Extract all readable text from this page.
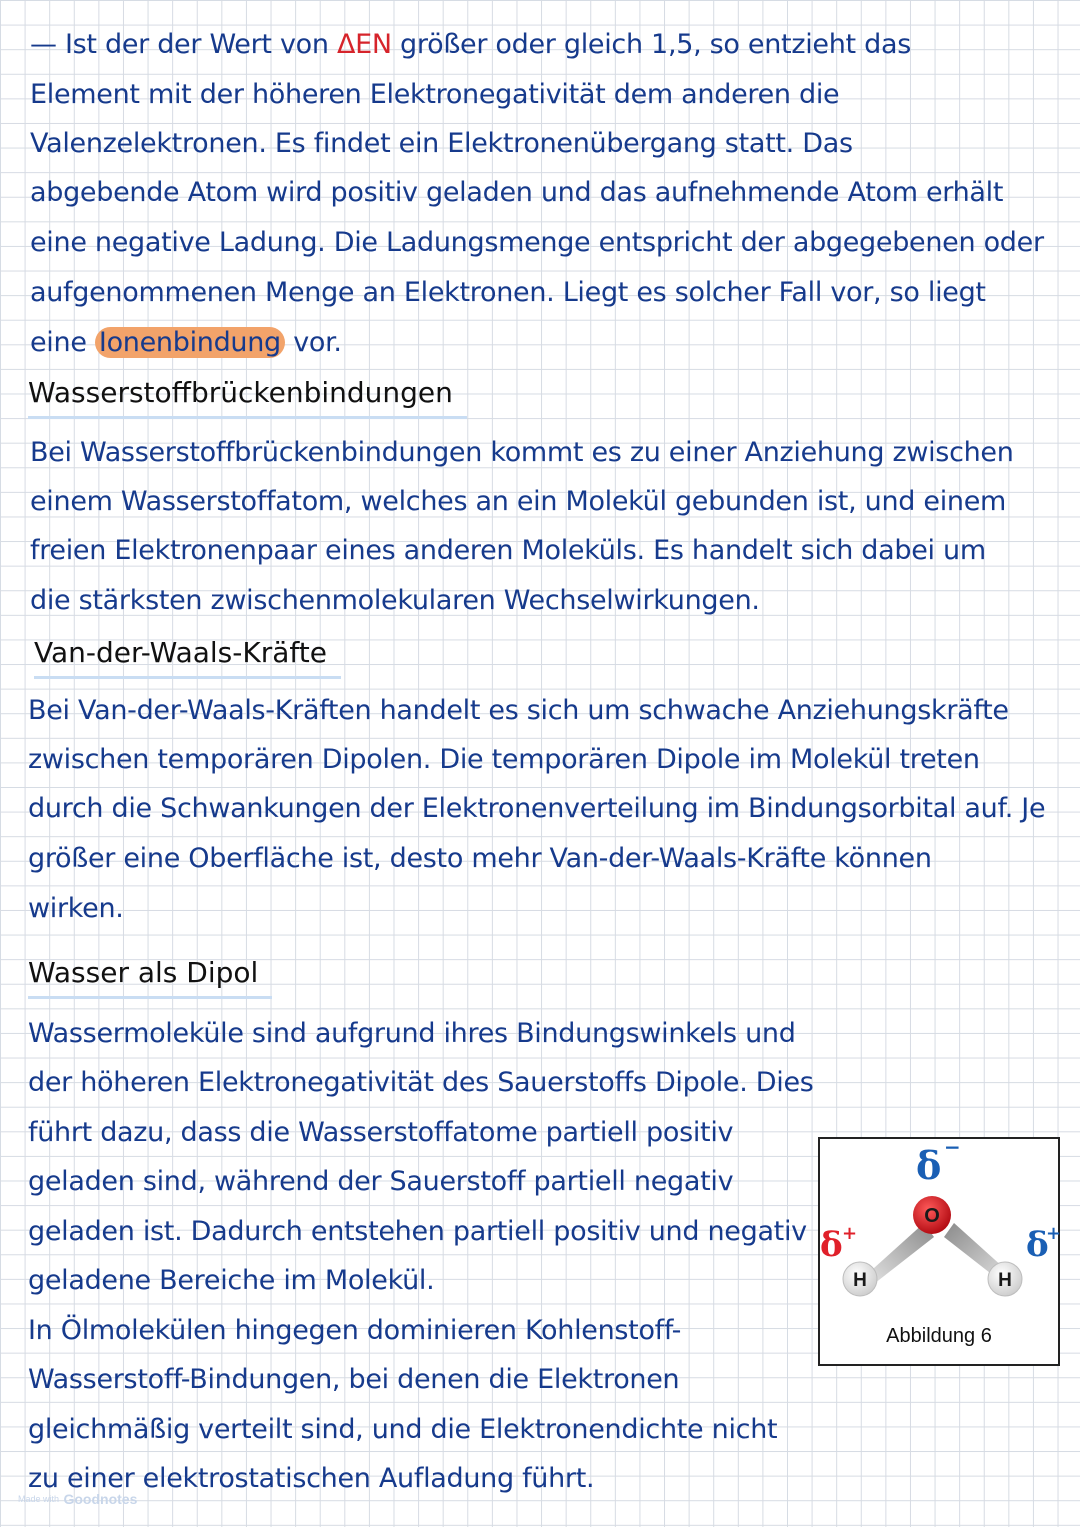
— Ist der der Wert von ΔEN größer oder gleich 1,5, so entzieht das
Element mit der höheren Elektronegativität dem anderen die
Valenzelektronen. Es findet ein Elektronenübergang statt. Das
abgebende Atom wird positiv geladen und das aufnehmende Atom erhält
eine negative Ladung. Die Ladungsmenge entspricht der abgegebenen oder
aufgenommenen Menge an Elektronen. Liegt es solcher Fall vor, so liegt
eine Ionenbindung vor.
Wasserstoffbrückenbindungen
Bei Wasserstoffbrückenbindungen kommt es zu einer Anziehung zwischen
einem Wasserstoffatom, welches an ein Molekül gebunden ist, und einem
freien Elektronenpaar eines anderen Moleküls. Es handelt sich dabei um
die stärksten zwischenmolekularen Wechselwirkungen.
Van-der-Waals-Kräfte
Bei Van-der-Waals-Kräften handelt es sich um schwache Anziehungskräfte
zwischen temporären Dipolen. Die temporären Dipole im Molekül treten
durch die Schwankungen der Elektronenverteilung im Bindungsorbital auf. Je
größer eine Oberfläche ist, desto mehr Van-der-Waals-Kräfte können
wirken.
Wasser als Dipol
Wassermoleküle sind aufgrund ihres Bindungswinkels und
der höheren Elektronegativität des Sauerstoffs Dipole. Dies
führt dazu, dass die Wasserstoffatome partiell positiv
geladen sind, während der Sauerstoff partiell negativ
geladen ist. Dadurch entstehen partiell positiv und negativ
geladene Bereiche im Molekül.
In Ölmolekülen hingegen dominieren Kohlenstoff-
Wasserstoff-Bindungen, bei denen die Elektronen
gleichmäßig verteilt sind, und die Elektronendichte nicht
zu einer elektrostatischen Aufladung führt.
O
H	H
δ −
δ +	δ
+
Abbildung 6
Made with Goodnotes
